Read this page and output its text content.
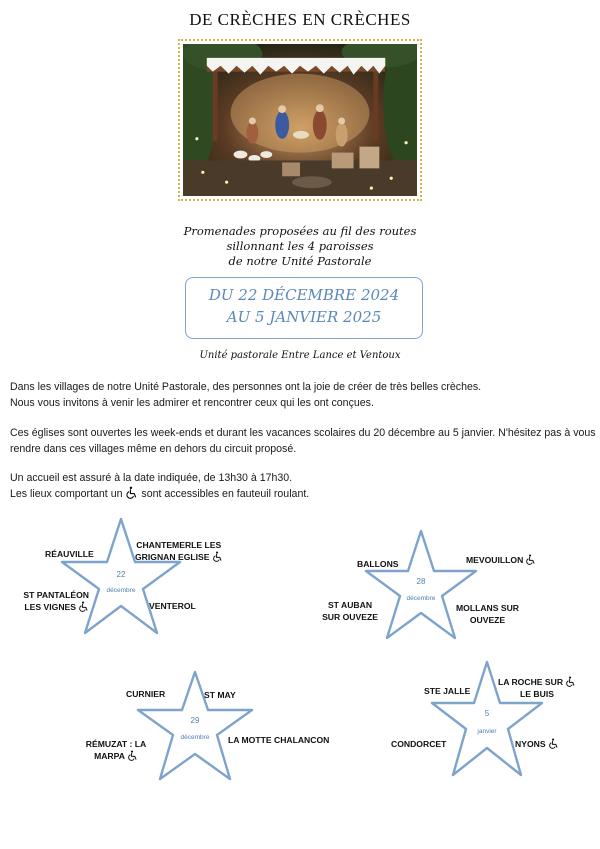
DE CRÈCHES EN CRÈCHES
Promenades proposées au fil des routes
sillonnant les 4 paroisses
de notre Unité Pastorale
DU 22 DÉCEMBRE 2024
AU 5 JANVIER 2025
Unité pastorale Entre Lance et Ventoux

Dans les villages de notre Unité Pastorale, des personnes ont la joie de créer de très belles crèches.

Nous vous invitons à venir les admirer et rencontrer ceux qui les ont conçues.

Ces églises sont ouvertes les week-ends et durant les vacances scolaires du 20 décembre au 5 janvier. N'hésitez pas à vous rendre dans ces villages même en dehors du circuit proposé.

Un accueil est assuré à la date indiquée, de 13h30 à 17h30.

Les lieux comportant un sont accessibles en fauteuil roulant.

22
décembre
RÉAUVILLE
CHANTEMERLE LES
GRIGNAN EGLISE
ST PANTALÉON
LES VIGNES	VENTEROL
28
décembre
BALLONS	MEVOUILLON
ST AUBAN
SUR OUVEZE
MOLLANS SUR
OUVEZE
29
décembre
CURNIER	ST MAY
RÉMUZAT : LA
MARPA
LA MOTTE CHALANCON
5
janvier
STE JALLE
LA ROCHE SUR
LE BUIS
CONDORCET	NYONS
